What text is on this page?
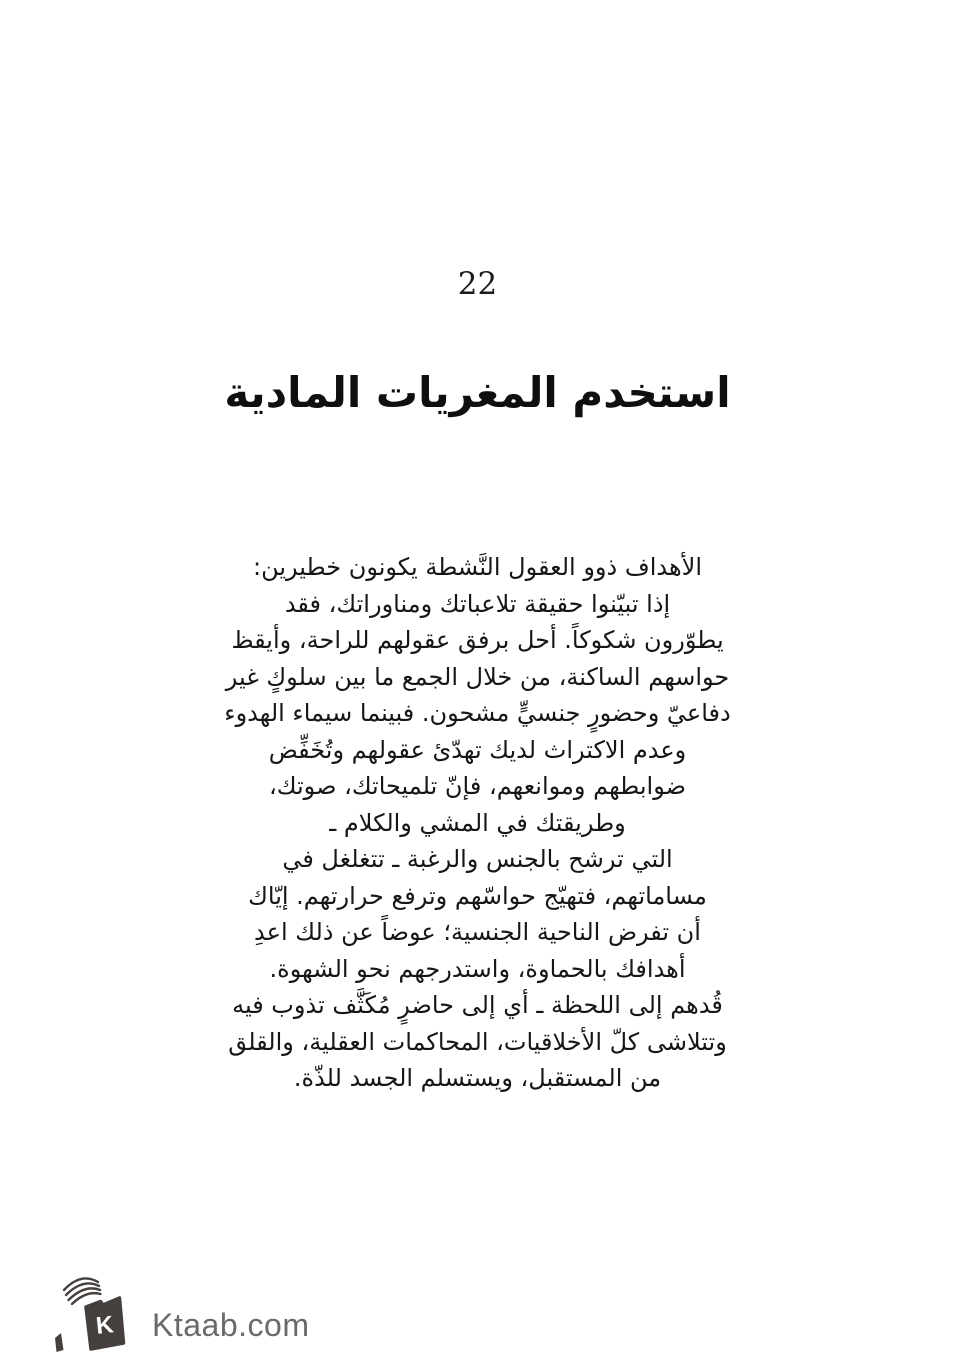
22
استخدم المغريات المادية

الأهداف ذوو العقول النَّشطة يكونون خطيرين:

إذا تبيّنوا حقيقة تلاعباتك ومناوراتك، فقد

يطوّرون شكوكاً. أحل برفق عقولهم للراحة، وأيقظ

حواسهم الساكنة، من خلال الجمع ما بين سلوكٍ غير

دفاعيّ وحضورٍ جنسيٍّ مشحون. فبينما سيماء الهدوء

وعدم الاكتراث لديك تهدّئ عقولهم وتُخَفِّض

ضوابطهم وموانعهم، فإنّ تلميحاتك، صوتك،

وطريقتك في المشي والكلام ـ

التي ترشح بالجنس والرغبة ـ تتغلغل في

مساماتهم، فتهيّج حواسّهم وترفع حرارتهم. إيّاك

أن تفرض الناحية الجنسية؛ عوضاً عن ذلك اعدِ

أهدافك بالحماوة، واستدرجهم نحو الشهوة.

قُدهم إلى اللحظة ـ أي إلى حاضرٍ مُكَثَّف تذوب فيه

وتتلاشى كلّ الأخلاقيات، المحاكمات العقلية، والقلق

من المستقبل، ويستسلم الجسد للذّة.

K Ktaab.com
